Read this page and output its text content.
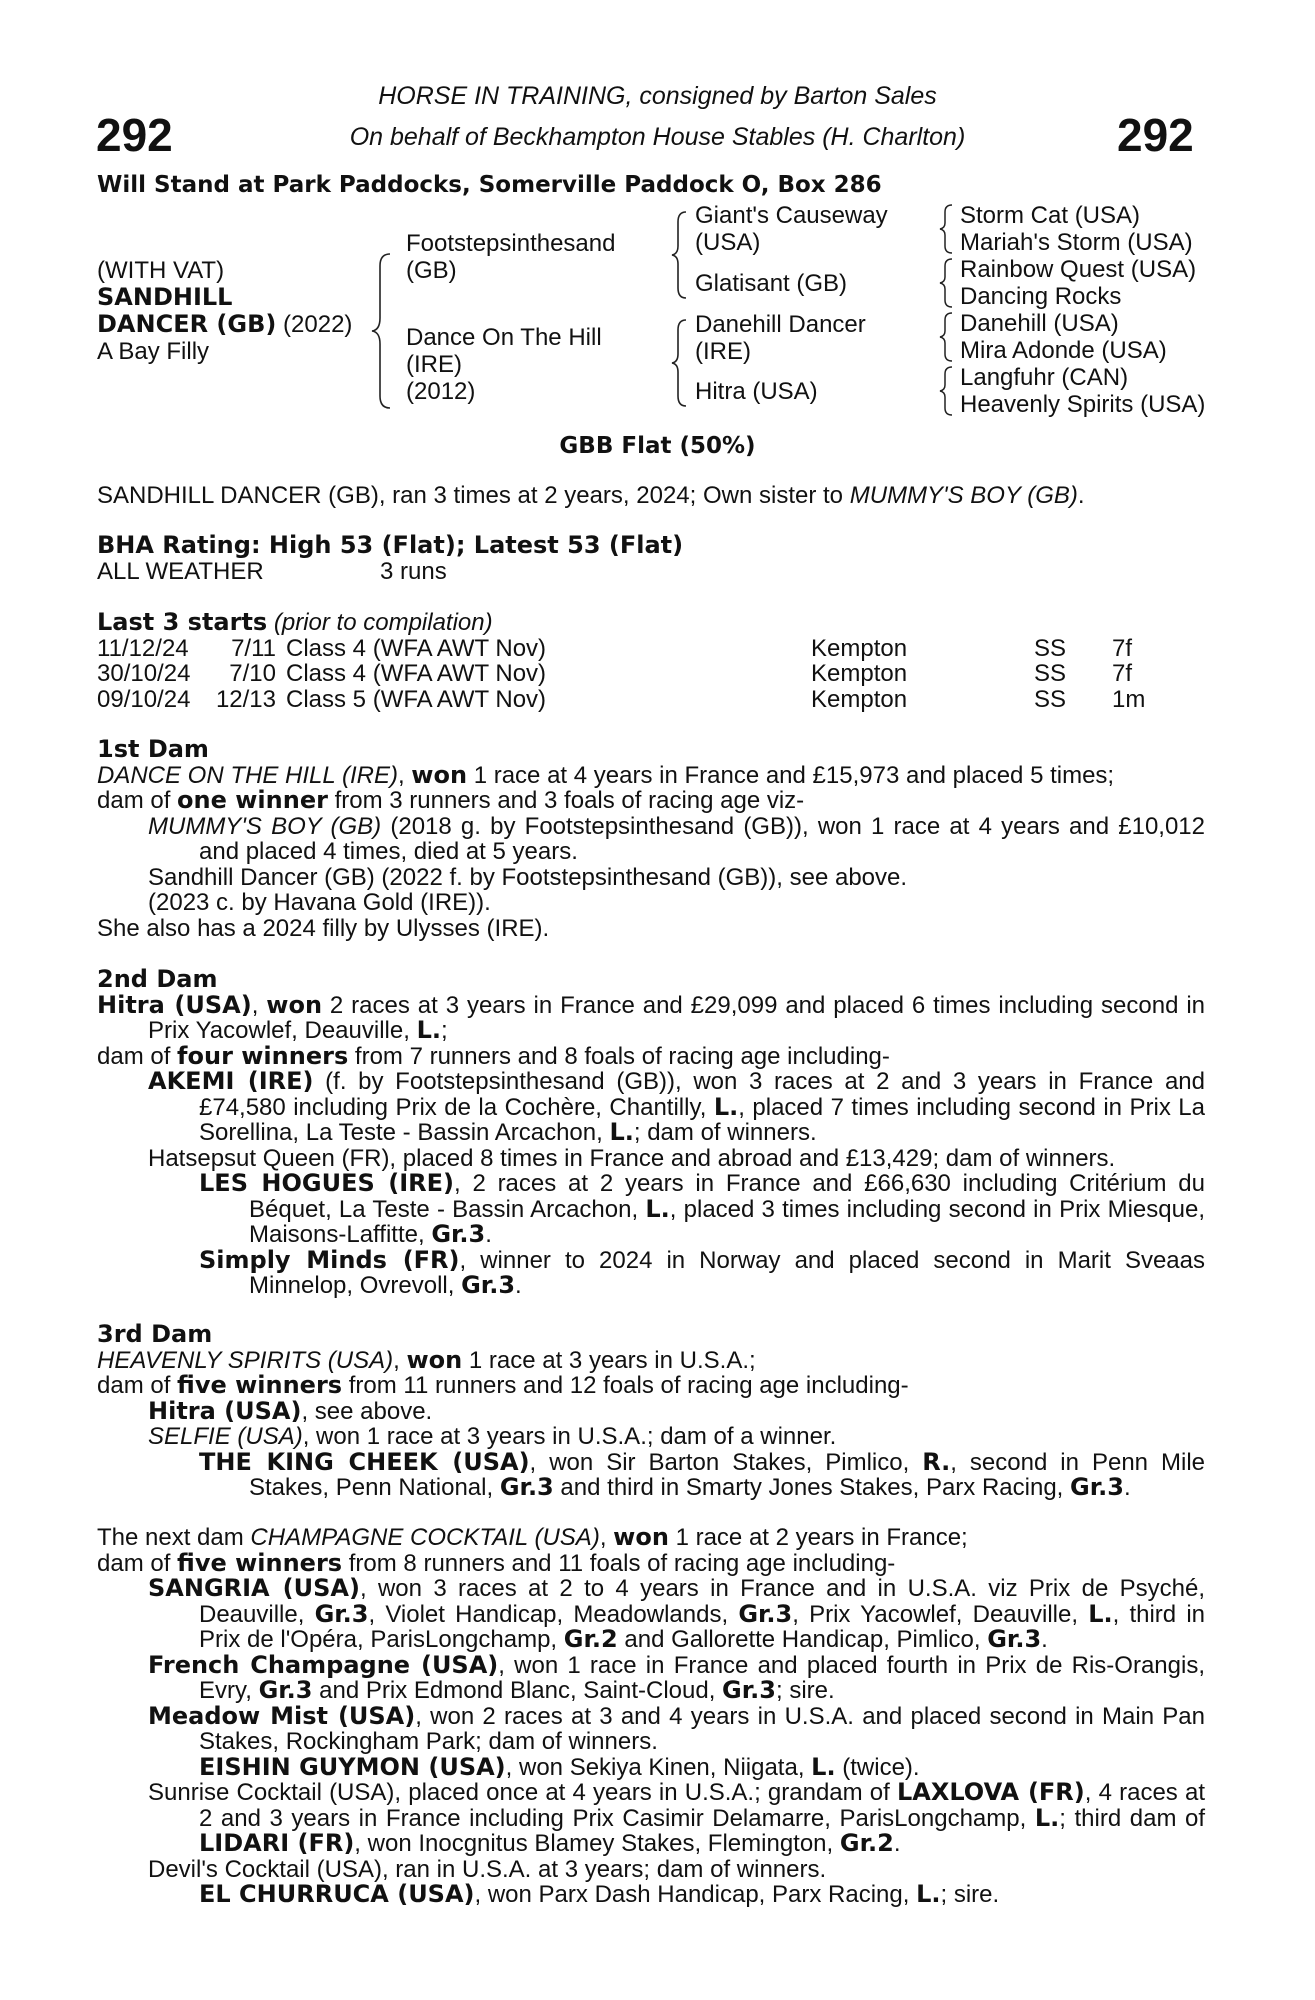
292	292
HORSE IN TRAINING, consigned by Barton Sales
On behalf of Beckhampton House Stables (H. Charlton)
Will Stand at Park Paddocks, Somerville Paddock O, Box 286
(WITH VAT)
SANDHILL
DANCER (GB) (2022)
A Bay Filly
Footstepsinthesand
(GB)
Dance On The Hill
(IRE)
(2012)
Giant's Causeway
(USA)
Glatisant (GB)
Danehill Dancer
(IRE)
Hitra (USA)
Storm Cat (USA)
Mariah's Storm (USA)
Rainbow Quest (USA)
Dancing Rocks
Danehill (USA)
Mira Adonde (USA)
Langfuhr (CAN)
Heavenly Spirits (USA)
GBB Flat (50%)
SANDHILL DANCER (GB), ran 3 times at 2 years, 2024; Own sister to MUMMY'S BOY (GB).

BHA Rating: High 53 (Flat); Latest 53 (Flat)

ALL WEATHER	3 runs

Last 3 starts (prior to compilation)

11/12/24	7/11 Class 4 (WFA AWT Nov)	Kempton	SS	7f
30/10/24	7/10 Class 4 (WFA AWT Nov)	Kempton	SS	7f
09/10/24	12/13 Class 5 (WFA AWT Nov)	Kempton	SS	1m

1st Dam

DANCE ON THE HILL (IRE), won 1 race at 4 years in France and £15,973 and placed 5 times;

dam of one winner from 3 runners and 3 foals of racing age viz-

MUMMY'S BOY (GB) (2018 g. by Footstepsinthesand (GB)), won 1 race at 4 years and £10,012 and placed 4 times, died at 5 years.

Sandhill Dancer (GB) (2022 f. by Footstepsinthesand (GB)), see above.

(2023 c. by Havana Gold (IRE)).

She also has a 2024 filly by Ulysses (IRE).

2nd Dam

Hitra (USA), won 2 races at 3 years in France and £29,099 and placed 6 times including second in Prix Yacowlef, Deauville, L.;

dam of four winners from 7 runners and 8 foals of racing age including-

AKEMI (IRE) (f. by Footstepsinthesand (GB)), won 3 races at 2 and 3 years in France and £74,580 including Prix de la Cochère, Chantilly, L., placed 7 times including second in Prix La Sorellina, La Teste - Bassin Arcachon, L.; dam of winners.

Hatsepsut Queen (FR), placed 8 times in France and abroad and £13,429; dam of winners.

LES HOGUES (IRE), 2 races at 2 years in France and £66,630 including Critérium du Béquet, La Teste - Bassin Arcachon, L., placed 3 times including second in Prix Miesque, Maisons-Laffitte, Gr.3.

Simply Minds (FR), winner to 2024 in Norway and placed second in Marit Sveaas Minnelop, Ovrevoll, Gr.3.

3rd Dam

HEAVENLY SPIRITS (USA), won 1 race at 3 years in U.S.A.;

dam of five winners from 11 runners and 12 foals of racing age including-

Hitra (USA), see above.

SELFIE (USA), won 1 race at 3 years in U.S.A.; dam of a winner.

THE KING CHEEK (USA), won Sir Barton Stakes, Pimlico, R., second in Penn Mile Stakes, Penn National, Gr.3 and third in Smarty Jones Stakes, Parx Racing, Gr.3.

The next dam CHAMPAGNE COCKTAIL (USA), won 1 race at 2 years in France;

dam of five winners from 8 runners and 11 foals of racing age including-

SANGRIA (USA), won 3 races at 2 to 4 years in France and in U.S.A. viz Prix de Psyché, Deauville, Gr.3, Violet Handicap, Meadowlands, Gr.3, Prix Yacowlef, Deauville, L., third in Prix de l'Opéra, ParisLongchamp, Gr.2 and Gallorette Handicap, Pimlico, Gr.3.

French Champagne (USA), won 1 race in France and placed fourth in Prix de Ris-Orangis, Evry, Gr.3 and Prix Edmond Blanc, Saint-Cloud, Gr.3; sire.

Meadow Mist (USA), won 2 races at 3 and 4 years in U.S.A. and placed second in Main Pan Stakes, Rockingham Park; dam of winners.

EISHIN GUYMON (USA), won Sekiya Kinen, Niigata, L. (twice).

Sunrise Cocktail (USA), placed once at 4 years in U.S.A.; grandam of LAXLOVA (FR), 4 races at 2 and 3 years in France including Prix Casimir Delamarre, ParisLongchamp, L.; third dam of LIDARI (FR), won Inocgnitus Blamey Stakes, Flemington, Gr.2.

Devil's Cocktail (USA), ran in U.S.A. at 3 years; dam of winners.

EL CHURRUCA (USA), won Parx Dash Handicap, Parx Racing, L.; sire.
